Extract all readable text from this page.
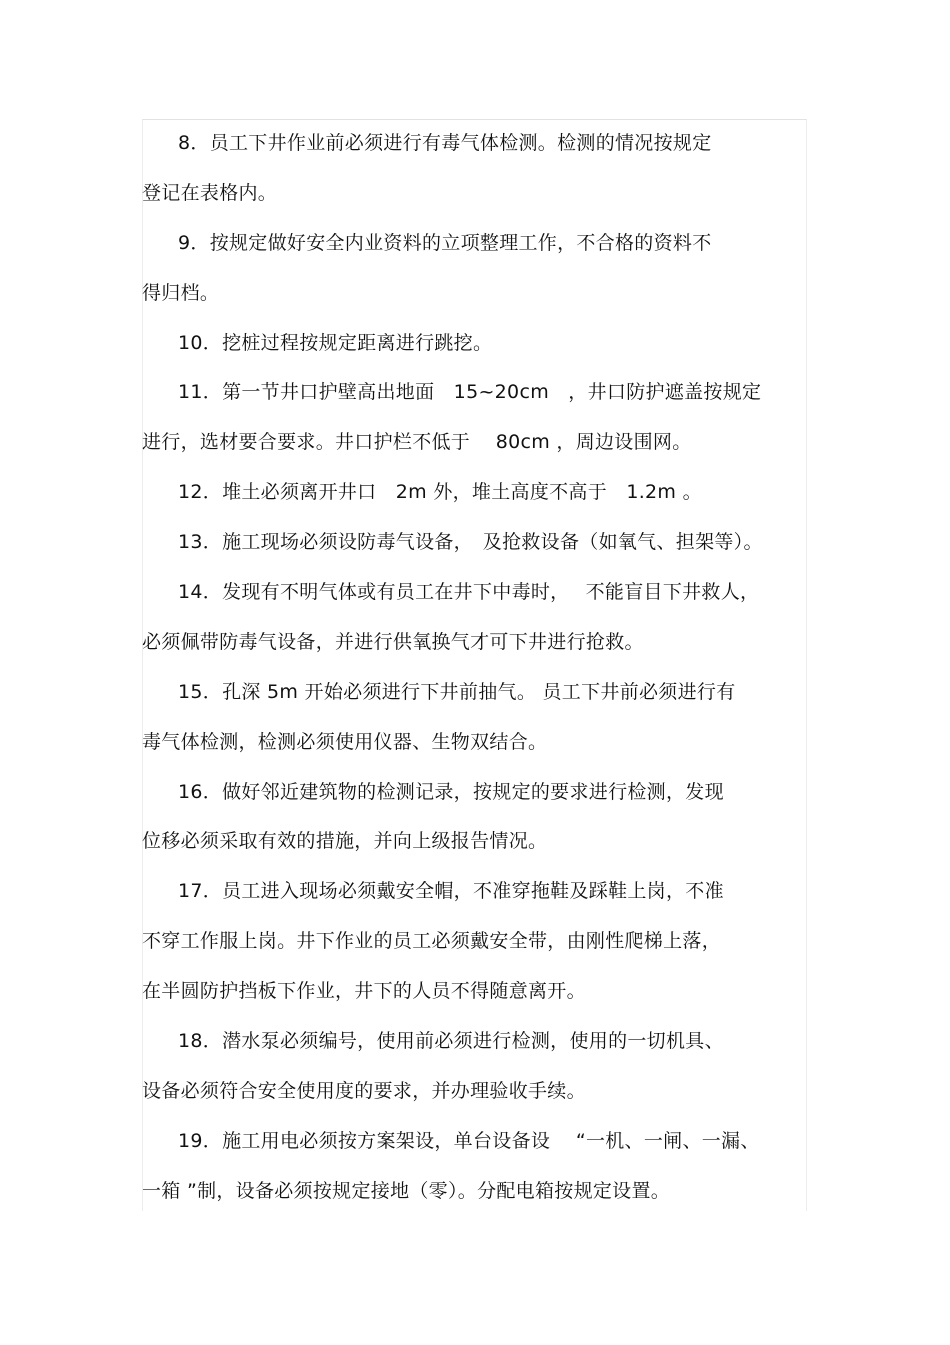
8．员工下井作业前必须进行有毒气体检测。检测的情况按规定
登记在表格内。
9．按规定做好安全内业资料的立项整理工作，不合格的资料不
得归档。
10．挖桩过程按规定距离进行跳挖。
11．第一节井口护壁高出地面　15~20cm　，井口防护遮盖按规定
进行，选材要合要求。井口护栏不低于　 80cm ，周边设围网。
12．堆土必须离开井口　2m 外，堆土高度不高于　1.2m 。
13．施工现场必须设防毒气设备，　及抢救设备（如氧气、担架等）。
14．发现有不明气体或有员工在井下中毒时，　 不能盲目下井救人，
必须佩带防毒气设备，并进行供氧换气才可下井进行抢救。
15．孔深 5m 开始必须进行下井前抽气。 员工下井前必须进行有
毒气体检测，检测必须使用仪器、生物双结合。
16．做好邻近建筑物的检测记录，按规定的要求进行检测，发现
位移必须采取有效的措施，并向上级报告情况。
17．员工进入现场必须戴安全帽，不准穿拖鞋及踩鞋上岗，不准
不穿工作服上岗。井下作业的员工必须戴安全带，由刚性爬梯上落，
在半圆防护挡板下作业，井下的人员不得随意离开。
18．潜水泵必须编号，使用前必须进行检测，使用的一切机具、
设备必须符合安全使用度的要求，并办理验收手续。
19．施工用电必须按方案架设，单台设备设　 “一机、一闸、一漏、
一箱 ”制，设备必须按规定接地（零）。分配电箱按规定设置。
